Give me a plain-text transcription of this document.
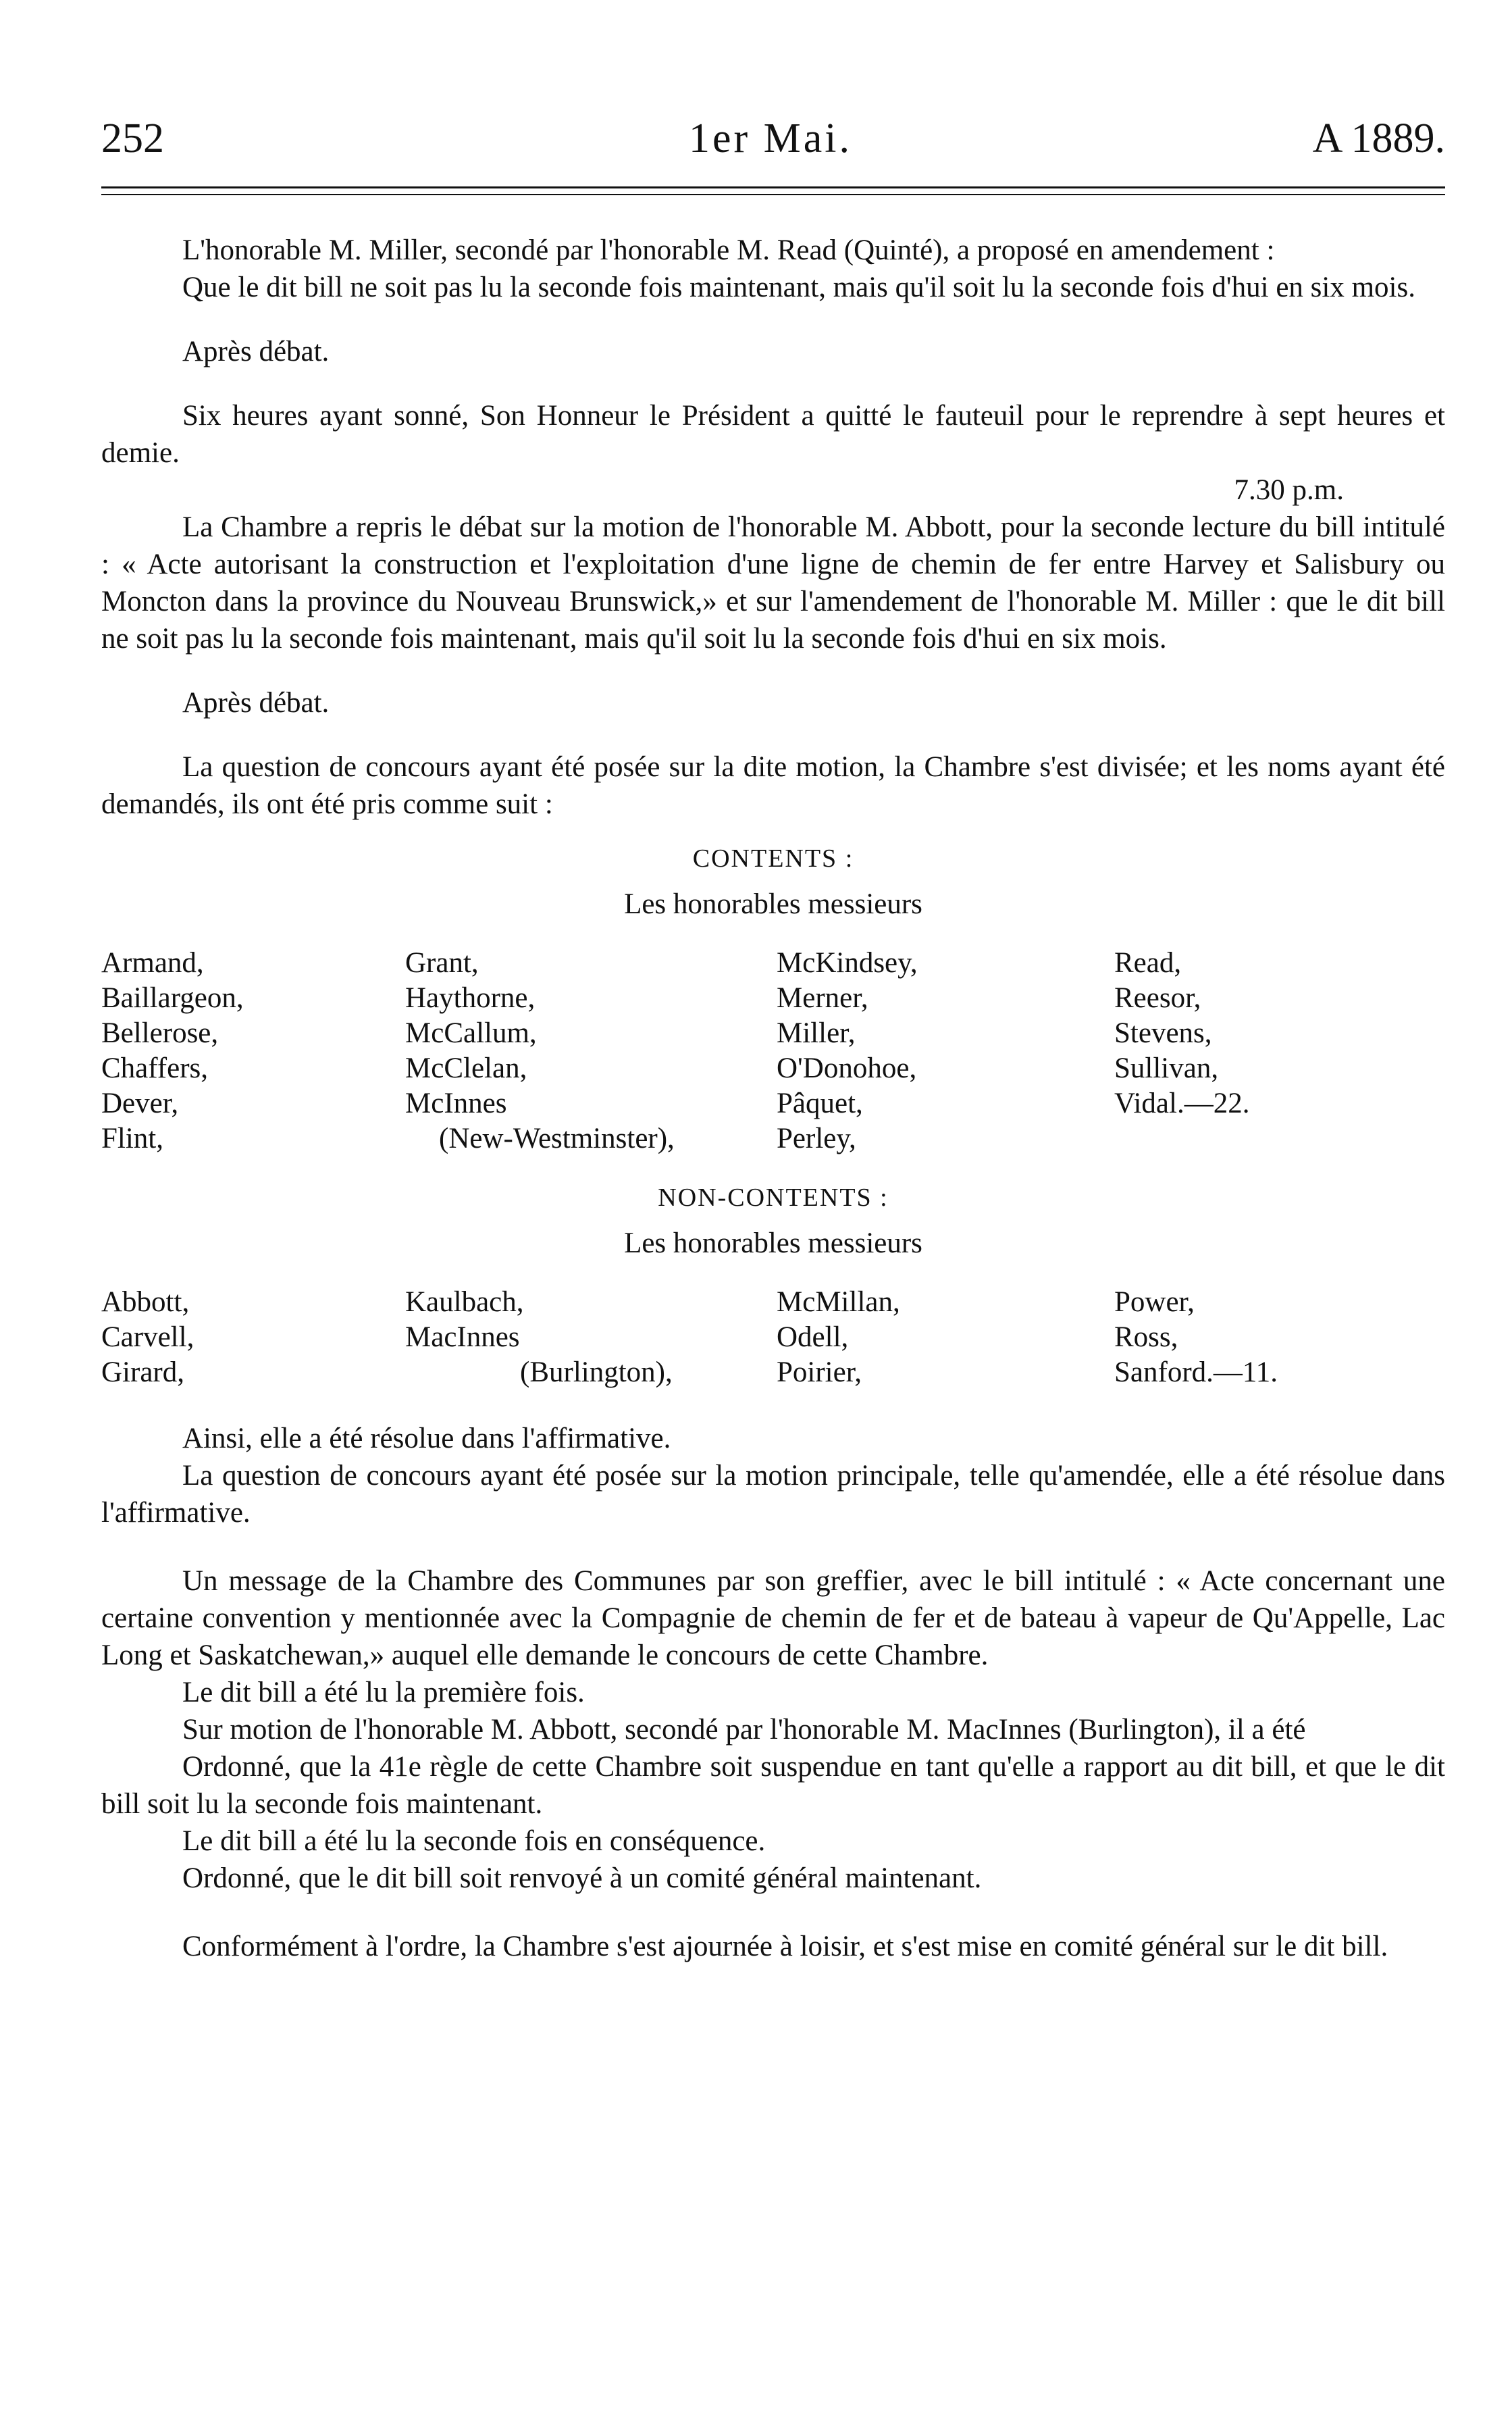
252	1er Mai.	A 1889.

L'honorable M. Miller, secondé par l'honorable M. Read (Quinté), a proposé en amendement :

Que le dit bill ne soit pas lu la seconde fois maintenant, mais qu'il soit lu la seconde fois d'hui en six mois.

Après débat.

Six heures ayant sonné, Son Honneur le Président a quitté le fauteuil pour le reprendre à sept heures et demie.

7.30 p.m.

La Chambre a repris le débat sur la motion de l'honorable M. Abbott, pour la seconde lecture du bill intitulé : « Acte autorisant la construction et l'exploitation d'une ligne de chemin de fer entre Harvey et Salisbury ou Moncton dans la province du Nouveau Brunswick,» et sur l'amendement de l'honorable M. Miller : que le dit bill ne soit pas lu la seconde fois maintenant, mais qu'il soit lu la seconde fois d'hui en six mois.

Après débat.

La question de concours ayant été posée sur la dite motion, la Chambre s'est divisée; et les noms ayant été demandés, ils ont été pris comme suit :

CONTENTS :
Les honorables messieurs
Armand,
Baillargeon,
Bellerose,
Chaffers,
Dever,
Flint,
Grant,
Haythorne,
McCallum,
McClelan,
McInnes
(New-Westminster),
McKindsey,
Merner,
Miller,
O'Donohoe,
Pâquet,
Perley,
Read,
Reesor,
Stevens,
Sullivan,
Vidal.—22.
NON-CONTENTS :
Les honorables messieurs
Abbott,
Carvell,
Girard,
Kaulbach,
MacInnes
(Burlington),
McMillan,
Odell,
Poirier,
Power,
Ross,
Sanford.—11.

Ainsi, elle a été résolue dans l'affirmative.

La question de concours ayant été posée sur la motion principale, telle qu'amendée, elle a été résolue dans l'affirmative.

Un message de la Chambre des Communes par son greffier, avec le bill intitulé : « Acte concernant une certaine convention y mentionnée avec la Compagnie de chemin de fer et de bateau à vapeur de Qu'Appelle, Lac Long et Saskatchewan,» auquel elle demande le concours de cette Chambre.

Le dit bill a été lu la première fois.

Sur motion de l'honorable M. Abbott, secondé par l'honorable M. MacInnes (Burlington), il a été

Ordonné, que la 41e règle de cette Chambre soit suspendue en tant qu'elle a rapport au dit bill, et que le dit bill soit lu la seconde fois maintenant.

Le dit bill a été lu la seconde fois en conséquence.

Ordonné, que le dit bill soit renvoyé à un comité général maintenant.

Conformément à l'ordre, la Chambre s'est ajournée à loisir, et s'est mise en comité général sur le dit bill.
